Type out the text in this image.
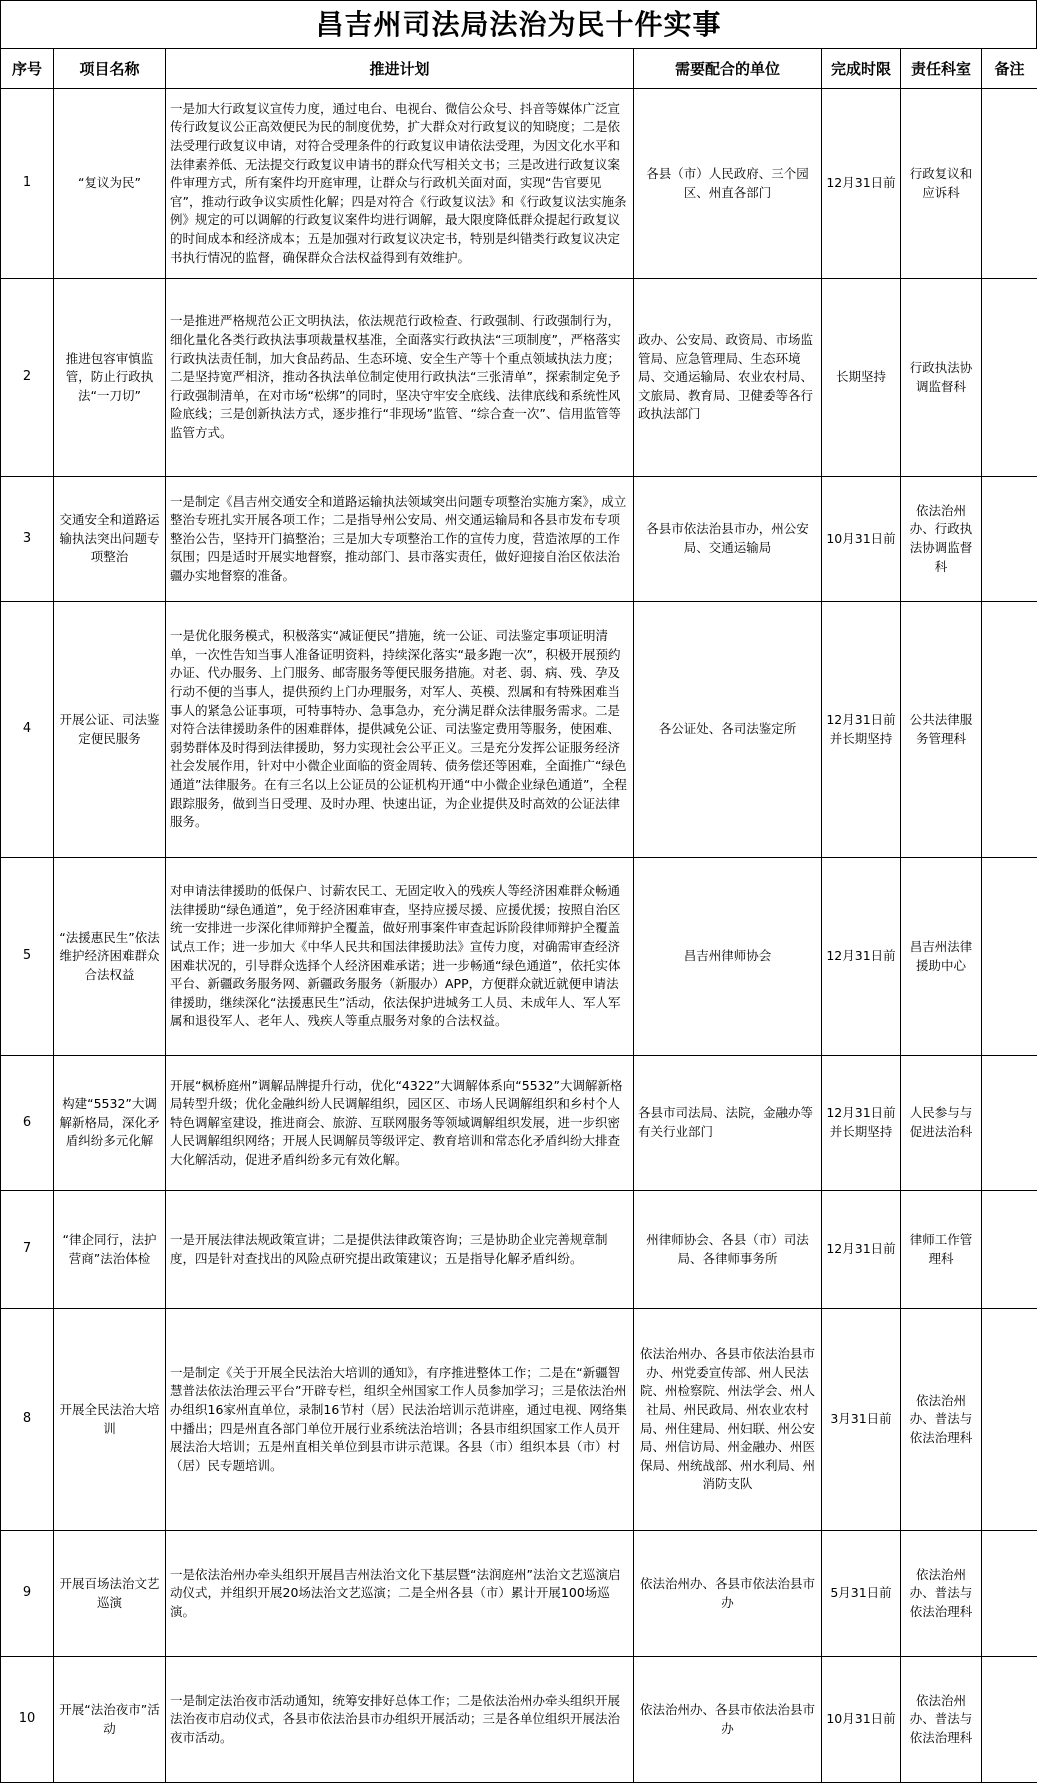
昌吉州司法局法治为民十件实事
序号	项目名称	推进计划	需要配合的单位	完成时限	责任科室	备注
1	“复议为民”	一是加大行政复议宣传力度，通过电台、电视台、微信公众号、抖音等媒体广泛宣传行政复议公正高效便民为民的制度优势，扩大群众对行政复议的知晓度；二是依法受理行政复议申请，对符合受理条件的行政复议申请依法受理，为因文化水平和法律素养低、无法提交行政复议申请书的群众代写相关文书；三是改进行政复议案件审理方式，所有案件均开庭审理，让群众与行政机关面对面，实现“告官要见官”，推动行政争议实质性化解；四是对符合《行政复议法》和《行政复议法实施条例》规定的可以调解的行政复议案件均进行调解，最大限度降低群众提起行政复议的时间成本和经济成本；五是加强对行政复议决定书，特别是纠错类行政复议决定书执行情况的监督，确保群众合法权益得到有效维护。	各县（市）人民政府、三个园区、州直各部门	12月31日前	行政复议和应诉科	
2	推进包容审慎监管，防止行政执法“一刀切”	一是推进严格规范公正文明执法，依法规范行政检查、行政强制、行政强制行为，细化量化各类行政执法事项裁量权基准，全面落实行政执法“三项制度”，严格落实行政执法责任制，加大食品药品、生态环境、安全生产等十个重点领域执法力度；二是坚持宽严相济，推动各执法单位制定使用行政执法“三张清单”，探索制定免予行政强制清单，在对市场“松绑”的同时，坚决守牢安全底线、法律底线和系统性风险底线；三是创新执法方式，逐步推行“非现场”监管、“综合查一次”、信用监管等监管方式。	政办、公安局、政资局、市场监管局、应急管理局、生态环境局、交通运输局、农业农村局、文旅局、教育局、卫健委等各行政执法部门	长期坚持	行政执法协调监督科	
3	交通安全和道路运输执法突出问题专项整治	一是制定《昌吉州交通安全和道路运输执法领域突出问题专项整治实施方案》，成立整治专班扎实开展各项工作；二是指导州公安局、州交通运输局和各县市发布专项整治公告，坚持开门搞整治；三是加大专项整治工作的宣传力度，营造浓厚的工作氛围；四是适时开展实地督察，推动部门、县市落实责任，做好迎接自治区依法治疆办实地督察的准备。	各县市依法治县市办，州公安局、交通运输局	10月31日前	依法治州办、行政执法协调监督科	
4	开展公证、司法鉴定便民服务	一是优化服务模式，积极落实“减证便民”措施，统一公证、司法鉴定事项证明清单，一次性告知当事人准备证明资料，持续深化落实“最多跑一次”，积极开展预约办证、代办服务、上门服务、邮寄服务等便民服务措施。对老、弱、病、残、孕及行动不便的当事人，提供预约上门办理服务，对军人、英模、烈属和有特殊困难当事人的紧急公证事项，可特事特办、急事急办，充分满足群众法律服务需求。二是对符合法律援助条件的困难群体，提供减免公证、司法鉴定费用等服务，使困难、弱势群体及时得到法律援助，努力实现社会公平正义。三是充分发挥公证服务经济社会发展作用，针对中小微企业面临的资金周转、债务偿还等困难，全面推广“绿色通道”法律服务。在有三名以上公证员的公证机构开通“中小微企业绿色通道”，全程跟踪服务，做到当日受理、及时办理、快速出证，为企业提供及时高效的公证法律服务。	各公证处、各司法鉴定所	12月31日前并长期坚持	公共法律服务管理科	
5	“法援惠民生”依法维护经济困难群众合法权益	对申请法律援助的低保户、讨薪农民工、无固定收入的残疾人等经济困难群众畅通法律援助“绿色通道”，免于经济困难审查，坚持应援尽援、应援优援；按照自治区统一安排进一步深化律师辩护全覆盖，做好刑事案件审查起诉阶段律师辩护全覆盖试点工作；进一步加大《中华人民共和国法律援助法》宣传力度，对确需审查经济困难状况的，引导群众选择个人经济困难承诺；进一步畅通“绿色通道”，依托实体平台、新疆政务服务网、新疆政务服务（新服办）APP，方便群众就近就便申请法律援助，继续深化“法援惠民生”活动，依法保护进城务工人员、未成年人、军人军属和退役军人、老年人、残疾人等重点服务对象的合法权益。	昌吉州律师协会	12月31日前	昌吉州法律援助中心	
6	构建“5532”大调解新格局，深化矛盾纠纷多元化解	开展“枫桥庭州”调解品牌提升行动，优化“4322”大调解体系向“5532”大调解新格局转型升级；优化金融纠纷人民调解组织，园区区、市场人民调解组织和乡村个人特色调解室建设，推进商会、旅游、互联网服务等领域调解组织发展，进一步织密人民调解组织网络；开展人民调解员等级评定、教育培训和常态化矛盾纠纷大排查大化解活动，促进矛盾纠纷多元有效化解。	各县市司法局、法院，金融办等有关行业部门	12月31日前并长期坚持	人民参与与促进法治科	
7	“律企同行，法护营商”法治体检	一是开展法律法规政策宣讲；二是提供法律政策咨询；三是协助企业完善规章制度，四是针对查找出的风险点研究提出政策建议；五是指导化解矛盾纠纷。	州律师协会、各县（市）司法局、各律师事务所	12月31日前	律师工作管理科	
8	开展全民法治大培训	一是制定《关于开展全民法治大培训的通知》，有序推进整体工作；二是在“新疆智慧普法依法治理云平台”开辟专栏，组织全州国家工作人员参加学习；三是依法治州办组织16家州直单位，录制16节村（居）民法治培训示范讲座，通过电视、网络集中播出；四是州直各部门单位开展行业系统法治培训；各县市组织国家工作人员开展法治大培训；五是州直相关单位到县市讲示范课。各县（市）组织本县（市）村（居）民专题培训。	依法治州办、各县市依法治县市办、州党委宣传部、州人民法院、州检察院、州法学会、州人社局、州民政局、州农业农村局、州住建局、州妇联、州公安局、州信访局、州金融办、州医保局、州统战部、州水利局、州消防支队	3月31日前	依法治州办、普法与依法治理科	
9	开展百场法治文艺巡演	一是依法治州办牵头组织开展昌吉州法治文化下基层暨“法润庭州”法治文艺巡演启动仪式，并组织开展20场法治文艺巡演；二是全州各县（市）累计开展100场巡演。	依法治州办、各县市依法治县市办	5月31日前	依法治州办、普法与依法治理科	
10	开展“法治夜市”活动	一是制定法治夜市活动通知，统筹安排好总体工作；二是依法治州办牵头组织开展法治夜市启动仪式，各县市依法治县市办组织开展活动；三是各单位组织开展法治夜市活动。	依法治州办、各县市依法治县市办	10月31日前	依法治州办、普法与依法治理科	
